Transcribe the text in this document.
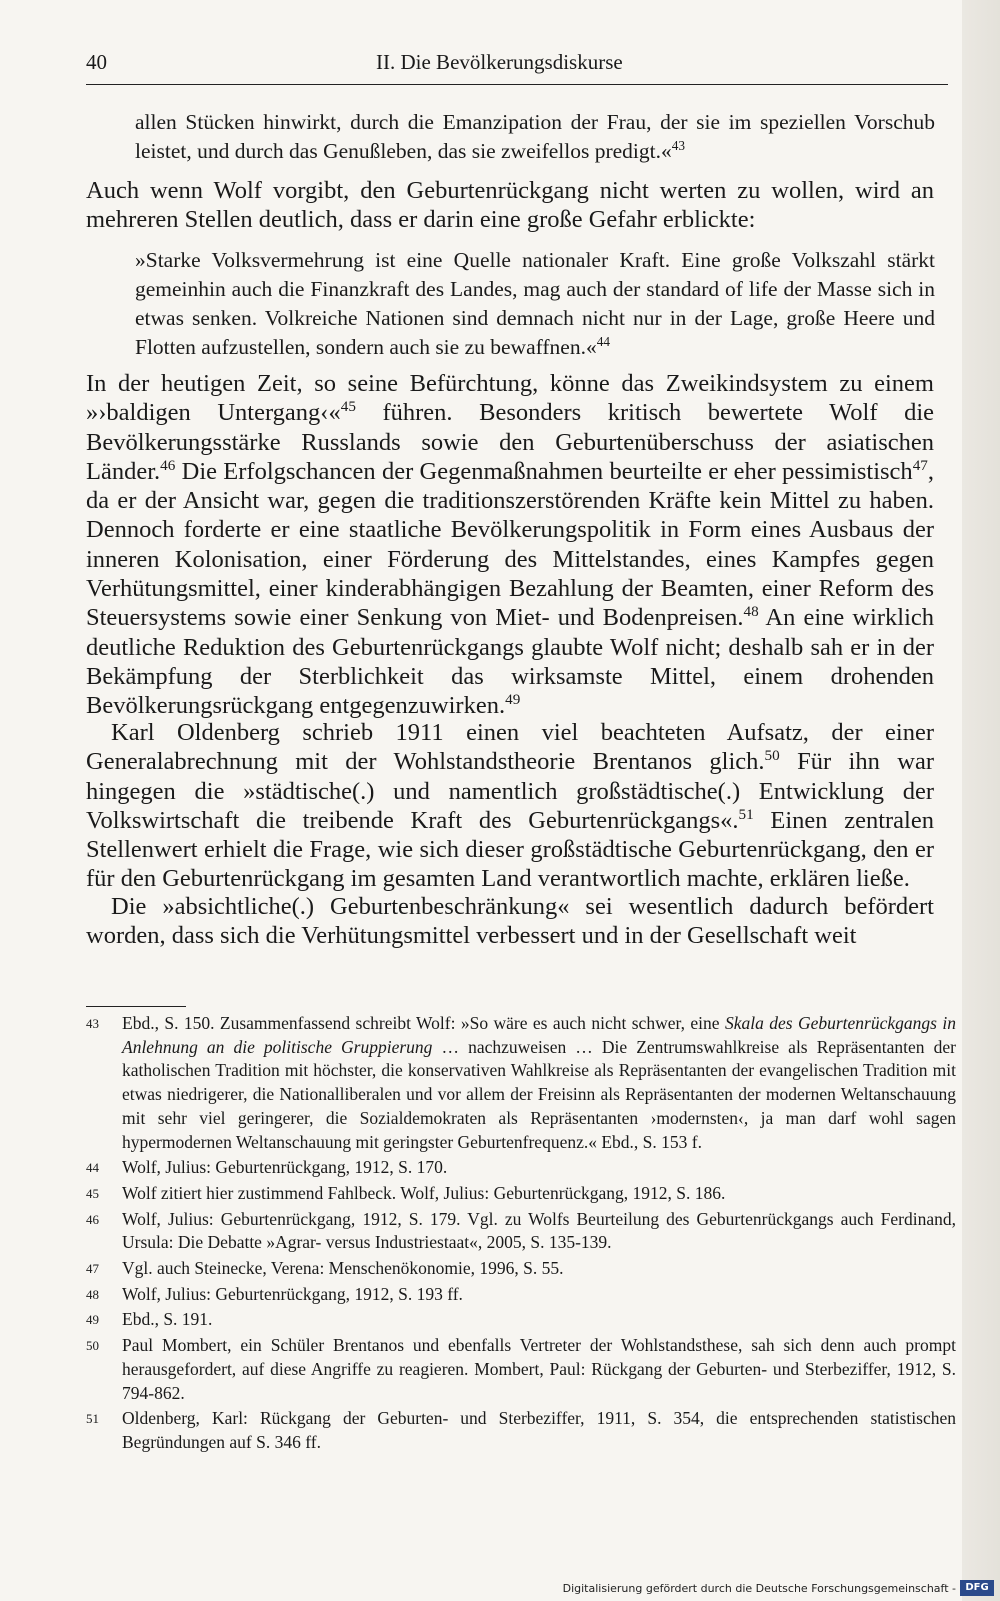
40	II. Die Bevölkerungsdiskurse

allen Stücken hinwirkt, durch die Emanzipation der Frau, der sie im speziellen Vorschub leistet, und durch das Genußleben, das sie zweifellos predigt.«$^{43}$

Auch wenn Wolf vorgibt, den Geburtenrückgang nicht werten zu wollen, wird an mehreren Stellen deutlich, dass er darin eine große Gefahr erblickte:

»Starke Volksvermehrung ist eine Quelle nationaler Kraft. Eine große Volkszahl stärkt gemeinhin auch die Finanzkraft des Landes, mag auch der standard of life der Masse sich in etwas senken. Volkreiche Nationen sind demnach nicht nur in der Lage, große Heere und Flotten aufzustellen, sondern auch sie zu bewaffnen.«$^{44}$

In der heutigen Zeit, so seine Befürchtung, könne das Zweikindsystem zu einem »›baldigen Untergang‹«$^{45}$ führen. Besonders kritisch bewertete Wolf die Bevölkerungsstärke Russlands sowie den Geburtenüberschuss der asiatischen Länder.$^{46}$ Die Erfolgschancen der Gegenmaßnahmen beurteilte er eher pessimistisch$^{47}$, da er der Ansicht war, gegen die traditionszerstörenden Kräfte kein Mittel zu haben. Dennoch forderte er eine staatliche Bevölkerungspolitik in Form eines Ausbaus der inneren Kolonisation, einer Förderung des Mittelstandes, eines Kampfes gegen Verhütungsmittel, einer kinderabhängigen Bezahlung der Beamten, einer Reform des Steuersystems sowie einer Senkung von Miet- und Bodenpreisen.$^{48}$ An eine wirklich deutliche Reduktion des Geburtenrückgangs glaubte Wolf nicht; deshalb sah er in der Bekämpfung der Sterblichkeit das wirksamste Mittel, einem drohenden Bevölkerungsrückgang entgegenzuwirken.$^{49}$

Karl Oldenberg schrieb 1911 einen viel beachteten Aufsatz, der einer Generalabrechnung mit der Wohlstandstheorie Brentanos glich.$^{50}$ Für ihn war hingegen die »städtische(.) und namentlich großstädtische(.) Entwicklung der Volkswirtschaft die treibende Kraft des Geburtenrückgangs«.$^{51}$ Einen zentralen Stellenwert erhielt die Frage, wie sich dieser großstädtische Geburtenrückgang, den er für den Geburtenrückgang im gesamten Land verantwortlich machte, erklären ließe.

Die »absichtliche(.) Geburtenbeschränkung« sei wesentlich dadurch befördert worden, dass sich die Verhütungsmittel verbessert und in der Gesellschaft weit

43 Ebd., S. 150. Zusammenfassend schreibt Wolf: »So wäre es auch nicht schwer, eine Skala des Geburtenrückgangs in Anlehnung an die politische Gruppierung … nachzuweisen … Die Zentrumswahlkreise als Repräsentanten der katholischen Tradition mit höchster, die konservativen Wahlkreise als Repräsentanten der evangelischen Tradition mit etwas niedrigerer, die Nationalliberalen und vor allem der Freisinn als Repräsentanten der modernen Weltanschauung mit sehr viel geringerer, die Sozialdemokraten als Repräsentanten ›modernsten‹, ja man darf wohl sagen hypermodernen Weltanschauung mit geringster Geburtenfrequenz.« Ebd., S. 153 f.

44 Wolf, Julius: Geburtenrückgang, 1912, S. 170.

45 Wolf zitiert hier zustimmend Fahlbeck. Wolf, Julius: Geburtenrückgang, 1912, S. 186.

46 Wolf, Julius: Geburtenrückgang, 1912, S. 179. Vgl. zu Wolfs Beurteilung des Geburtenrückgangs auch Ferdinand, Ursula: Die Debatte »Agrar- versus Industriestaat«, 2005, S. 135-139.

47 Vgl. auch Steinecke, Verena: Menschenökonomie, 1996, S. 55.

48 Wolf, Julius: Geburtenrückgang, 1912, S. 193 ff.

49 Ebd., S. 191.

50 Paul Mombert, ein Schüler Brentanos und ebenfalls Vertreter der Wohlstandsthese, sah sich denn auch prompt herausgefordert, auf diese Angriffe zu reagieren. Mombert, Paul: Rückgang der Geburten- und Sterbeziffer, 1912, S. 794-862.

51 Oldenberg, Karl: Rückgang der Geburten- und Sterbeziffer, 1911, S. 354, die entsprechenden statistischen Begründungen auf S. 346 ff.

Digitalisierung gefördert durch die Deutsche Forschungsgemeinschaft - DFG
